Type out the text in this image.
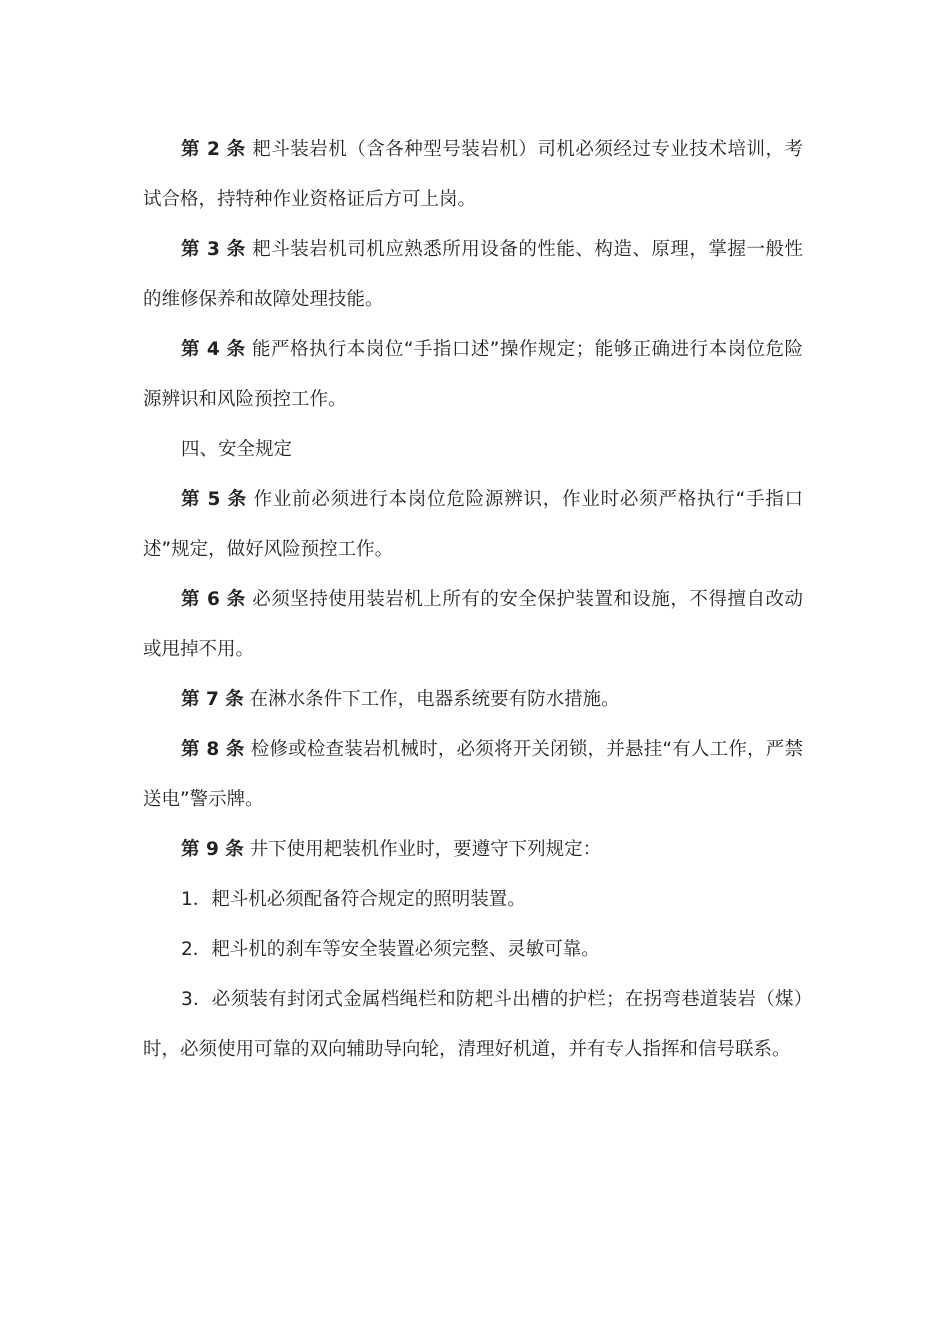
第 2 条 耙斗装岩机（含各种型号装岩机）司机必须经过专业技术培训，考试合格，持特种作业资格证后方可上岗。

第 3 条 耙斗装岩机司机应熟悉所用设备的性能、构造、原理，掌握一般性的维修保养和故障处理技能。

第 4 条 能严格执行本岗位“手指口述”操作规定；能够正确进行本岗位危险源辨识和风险预控工作。

四、安全规定

第 5 条 作业前必须进行本岗位危险源辨识，作业时必须严格执行“手指口述”规定，做好风险预控工作。

第 6 条 必须坚持使用装岩机上所有的安全保护装置和设施，不得擅自改动或甩掉不用。

第 7 条 在淋水条件下工作，电器系统要有防水措施。

第 8 条 检修或检查装岩机械时，必须将开关闭锁，并悬挂“有人工作，严禁送电”警示牌。

第 9 条 井下使用耙装机作业时，要遵守下列规定：

1．耙斗机必须配备符合规定的照明装置。

2．耙斗机的刹车等安全装置必须完整、灵敏可靠。

3．必须装有封闭式金属档绳栏和防耙斗出槽的护栏；在拐弯巷道装岩（煤）时，必须使用可靠的双向辅助导向轮，清理好机道，并有专人指挥和信号联系。
